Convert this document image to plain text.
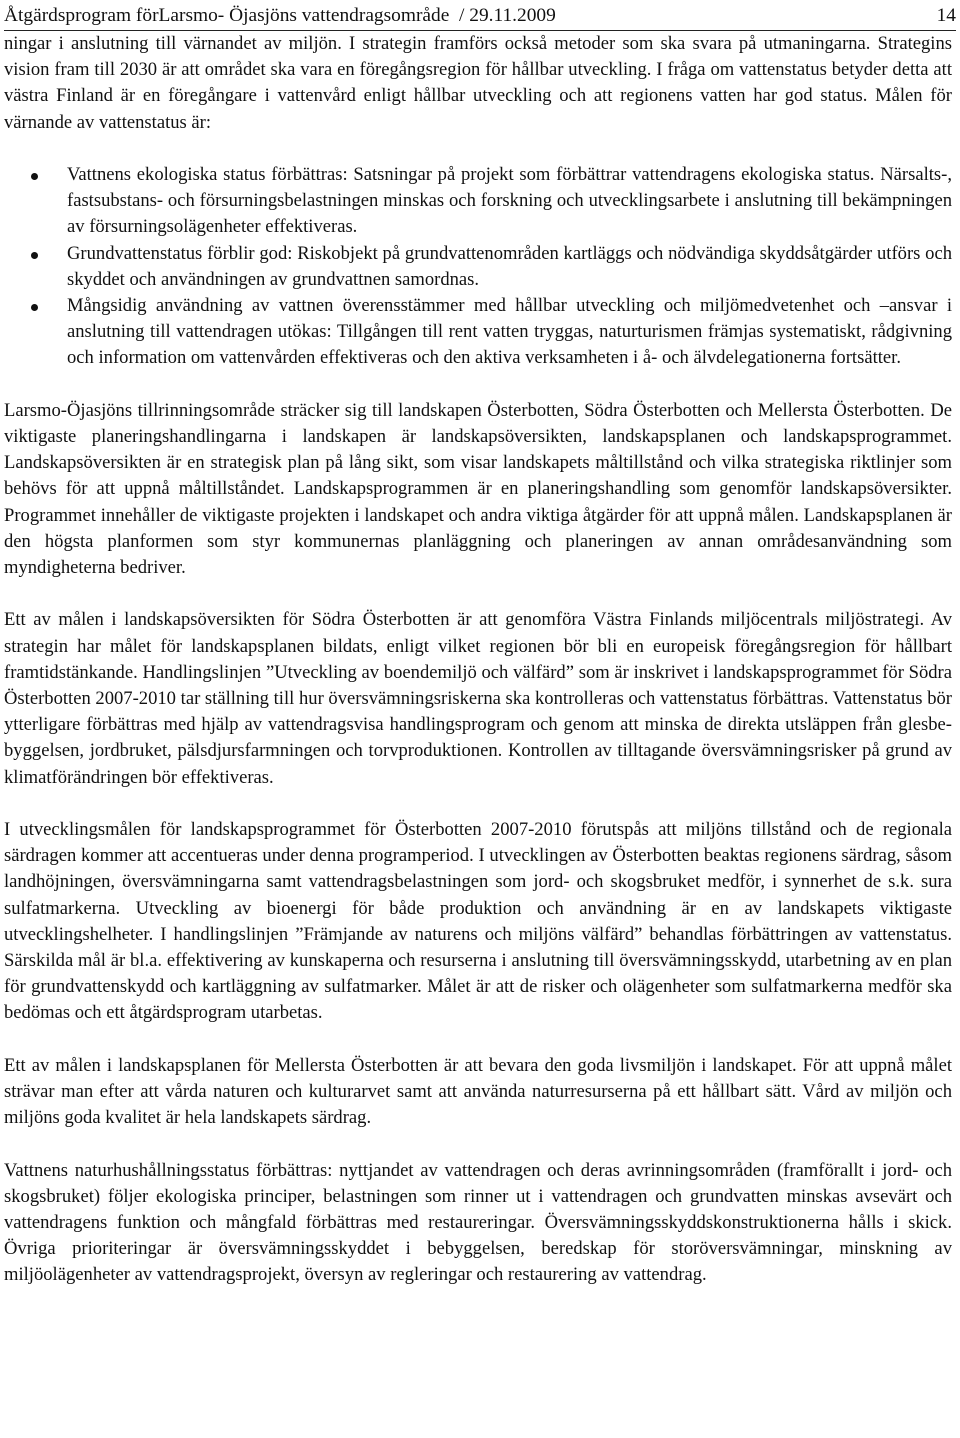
Åtgärdsprogram förLarsmo- Öjasjöns vattendragsområde  / 29.11.2009	14

ningar i anslutning till värnandet av miljön. I strategin framförs också metoder som ska svara på utmaningarna. Strategins vision fram till 2030 är att området ska vara en föregångsregion för hållbar utveckling. I fråga om vattenstatus betyder detta att västra Finland är en föregångare i vattenvård enligt hållbar utveckling och att regionens vatten har god status. Målen för värnande av vattenstatus är:

Vattnens ekologiska status förbättras: Satsningar på projekt som förbättrar vattendragens ekologiska status. Närsalts-, fastsubstans- och försurningsbelastningen minskas och forskning och utvecklingsarbete i anslutning till bekämpningen av försurningsolägenheter effektiveras.
Grundvattenstatus förblir god: Riskobjekt på grundvattenområden kartläggs och nödvändiga skyddsåtgärder utförs och skyddet och användningen av grundvattnen samordnas.
Mångsidig användning av vattnen överensstämmer med hållbar utveckling och miljömedvetenhet och –ansvar i anslutning till vattendragen utökas: Tillgången till rent vatten tryggas, naturturismen främjas systematiskt, rådgivning och information om vattenvården effektiveras och den aktiva verksamheten i å- och älvdelegationerna fortsätter.

Larsmo-Öjasjöns tillrinningsområde sträcker sig till landskapen Österbotten, Södra Österbotten och Mellersta Österbotten. De viktigaste planeringshandlingarna i landskapen är landskapsöversikten, landskapsplanen och landskapsprogrammet. Landskapsöversikten är en strategisk plan på lång sikt, som visar landskapets måltillstånd och vilka strategiska riktlinjer som behövs för att uppnå måltillståndet. Landskapsprogrammen är en planeringshandling som genomför landskapsöversikter. Programmet innehåller de viktigaste projekten i landskapet och andra viktiga åtgärder för att uppnå målen. Landskapsplanen är den högsta planformen som styr kommunernas planläggning och planeringen av annan områdesanvändning som myndigheterna bedriver.

Ett av målen i landskapsöversikten för Södra Österbotten är att genomföra Västra Finlands miljöcentrals miljöstrategi. Av strategin har målet för landskapsplanen bildats, enligt vilket regionen bör bli en europeisk föregångsregion för hållbart framtidstänkande. Handlingslinjen ”Utveckling av boendemiljö och välfärd” som är inskrivet i landskapsprogrammet för Södra Österbotten 2007-2010 tar ställning till hur översvämningsriskerna ska kontrolleras och vattenstatus förbättras. Vattenstatus bör ytterligare förbättras med hjälp av vattendragsvisa handlingsprogram och genom att minska de direkta utsläppen från glesbebyggelsen, jordbruket, pälsdjursfarmningen och torvproduktionen. Kontrollen av tilltagande översvämningsrisker på grund av klimatförändringen bör effektiveras.

I utvecklingsmålen för landskapsprogrammet för Österbotten 2007-2010 förutspås att miljöns tillstånd och de regionala särdragen kommer att accentueras under denna programperiod. I utvecklingen av Österbotten beaktas regionens särdrag, såsom landhöjningen, översvämningarna samt vattendragsbelastningen som jord- och skogsbruket medför, i synnerhet de s.k. sura sulfatmarkerna. Utveckling av bioenergi för både produktion och användning är en av landskapets viktigaste utvecklingshelheter. I handlingslinjen ”Främjande av naturens och miljöns välfärd” behandlas förbättringen av vattenstatus. Särskilda mål är bl.a. effektivering av kunskaperna och resurserna i anslutning till översvämningsskydd, utarbetning av en plan för grundvattenskydd och kartläggning av sulfatmarker. Målet är att de risker och olägenheter som sulfatmarkerna medför ska bedömas och ett åtgärdsprogram utarbetas.

Ett av målen i landskapsplanen för Mellersta Österbotten är att bevara den goda livsmiljön i landskapet. För att uppnå målet strävar man efter att vårda naturen och kulturarvet samt att använda naturresurserna på ett hållbart sätt. Vård av miljön och miljöns goda kvalitet är hela landskapets särdrag.

Vattnens naturhushållningsstatus förbättras: nyttjandet av vattendragen och deras avrinningsområden (framförallt i jord- och skogsbruket) följer ekologiska principer, belastningen som rinner ut i vattendragen och grundvatten minskas avsevärt och vattendragens funktion och mångfald förbättras med restaureringar. Översvämningsskyddskonstruktionerna hålls i skick. Övriga prioriteringar är översvämningsskyddet i bebyggelsen, beredskap för storöversvämningar, minskning av miljöolägenheter av vattendragsprojekt, översyn av regleringar och restaurering av vattendrag.
